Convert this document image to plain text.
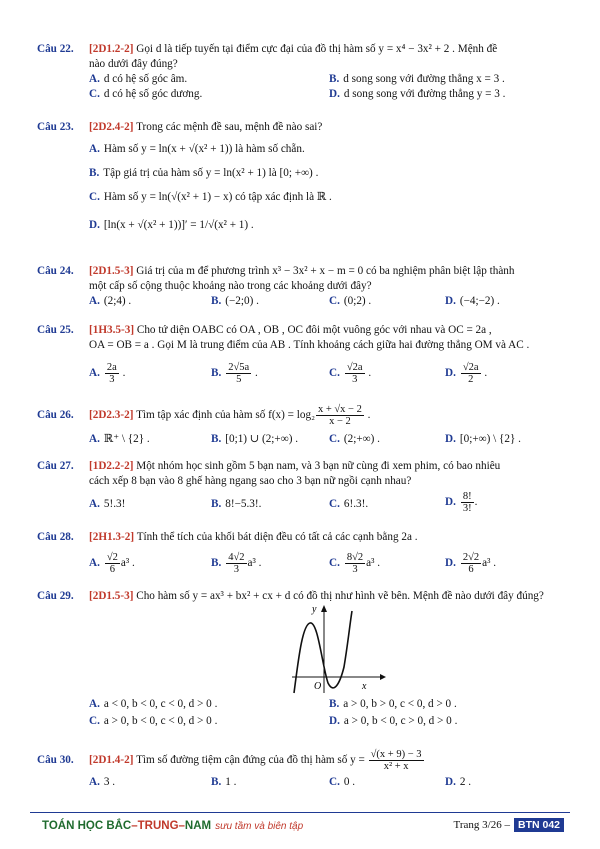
Câu 22. [ 2D1.2-2 ] Gọi d là tiếp tuyến tại điểm cực đại của đồ thị hàm số y = x⁴ − 3x² + 2 . Mệnh đề
nào dưới đây đúng?
A. d có hệ số góc âm.	B. d song song với đường thẳng x = 3 .
C. d có hệ số góc dương.	D. d song song với đường thẳng y = 3 .
Câu 23. [ 2D2.4-2 ] Trong các mệnh đề sau, mệnh đề nào sai?
A. Hàm số y = ln(x + √(x² + 1)) là hàm số chẵn.
B. Tập giá trị của hàm số y = ln(x² + 1) là [0; +∞) .
C. Hàm số y = ln(√(x² + 1) − x) có tập xác định là ℝ .
D. [ln(x + √(x² + 1))]′ = 1/√(x² + 1) .
Câu 24. [ 2D1.5-3 ] Giá trị của m để phương trình x³ − 3x² + x − m = 0 có ba nghiệm phân biệt lập thành
một cấp số cộng thuộc khoảng nào trong các khoảng dưới đây?
A. (2;4) .	B. (−2;0) .	C. (0;2) .	D. (−4;−2) .
Câu 25. [ 1H3.5-3 ] Cho tứ diện OABC có OA , OB , OC đôi một vuông góc với nhau và OC = 2a ,
OA = OB = a . Gọi M là trung điểm của AB . Tính khoảng cách giữa hai đường thẳng OM và AC .
A. $\frac{2a}{3}$ .	B. $\frac{2√5a}{5}$ .	C. $\frac{√2a}{3}$ .	D. $\frac{√2a}{2}$ .
Câu 26. [ 2D2.3-2 ] Tìm tập xác định của hàm số $f(x) = \log_2 \frac{x + √x - 2}{x - 2}$ .
A. ℝ⁺ \ {2} .	B. [0;1) ∪ (2;+∞) .	C. (2;+∞) .	D. [0;+∞) \ {2} .
Câu 27. [ 1D2.2-2 ] Một nhóm học sinh gồm 5 bạn nam, và 3 bạn nữ cùng đi xem phim, có bao nhiêu
cách xếp 8 bạn vào 8 ghế hàng ngang sao cho 3 bạn nữ ngồi cạnh nhau?
A. 5!.3!	B. 8!−5.3!.	C. 6!.3!.	D. $\frac{8!}{3!}$ .
Câu 28. [ 2H1.3-2 ] Tính thể tích của khối bát diện đều có tất cả các cạnh bằng 2a .
A. $\frac{√2}{6} a^3$ .	B. $\frac{4√2}{3} a^3$ .	C. $\frac{8√2}{3} a^3$ .	D. $\frac{2√2}{6} a^3$ .
Câu 29. [ 2D1.5-3 ] Cho hàm số y = ax³ + bx² + cx + d có đồ thị như hình vẽ bên. Mệnh đề nào dưới đây đúng?
y
x
O
A. a < 0, b < 0, c < 0, d > 0 .	B. a > 0, b > 0, c < 0, d > 0 .
C. a > 0, b < 0, c < 0, d > 0 .	D. a > 0, b < 0, c > 0, d > 0 .
Câu 30. [ 2D1.4-2 ] Tìm số đường tiệm cận đứng của đồ thị hàm số $y = \frac{√(x + 9) - 3}{\text{x² + x}}$
A. 3 .	B. 1 .	C. 0 .	D. 2 .
TOÁN HỌC BẮC–TRUNG–NAM sưu tầm và biên tập	Trang 3/26 – BTN 042
